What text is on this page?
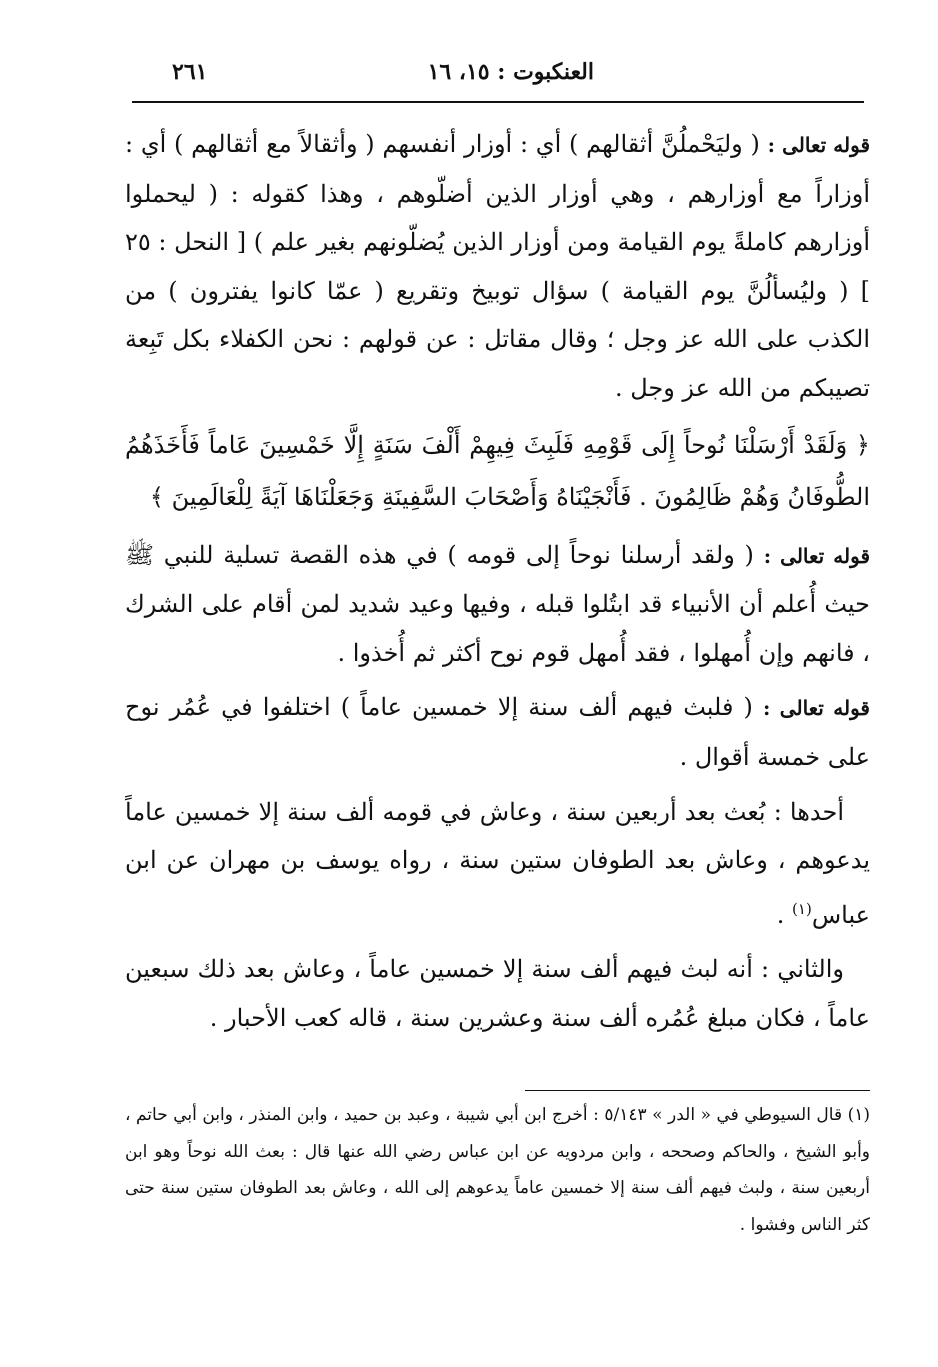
العنكبوت : ١٥، ١٦
٢٦١

قوله تعالى : ( وليَحْملُنَّ أثقالهم ) أي : أوزار أنفسهم ( وأثقالاً مع أثقالهم ) أي : أوزاراً مع أوزارهم ، وهي أوزار الذين أضلّوهم ، وهذا كقوله : ( ليحملوا أوزارهم كاملةً يوم القيامة ومن أوزار الذين يُضلّونهم بغير علم ) [ النحل : ٢٥ ] ( وليُسألُنَّ يوم القيامة ) سؤال توبيخ وتقريع ( عمّا كانوا يفترون ) من الكذب على الله عز وجل ؛ وقال مقاتل : عن قولهم : نحن الكفلاء بكل تَبِعة تصيبكم من الله عز وجل .

﴿ وَلَقَدْ أَرْسَلْنَا نُوحاً إِلَى قَوْمِهِ فَلَبِثَ فِيهِمْ أَلْفَ سَنَةٍ إِلَّا خَمْسِينَ عَاماً فَأَخَذَهُمُ الطُّوفَانُ وَهُمْ ظَالِمُونَ . فَأَنْجَيْنَاهُ وَأَصْحَابَ السَّفِينَةِ وَجَعَلْنَاهَا آيَةً لِلْعَالَمِينَ ﴾

قوله تعالى : ( ولقد أرسلنا نوحاً إلى قومه ) في هذه القصة تسلية للنبي ﷺ حيث أُعلم أن الأنبياء قد ابتُلوا قبله ، وفيها وعيد شديد لمن أقام على الشرك ، فانهم وإن أُمهلوا ، فقد أُمهل قوم نوح أكثر ثم أُخذوا .

قوله تعالى : ( فلبث فيهم ألف سنة إلا خمسين عاماً ) اختلفوا في عُمُر نوح على خمسة أقوال .

أحدها : بُعث بعد أربعين سنة ، وعاش في قومه ألف سنة إلا خمسين عاماً يدعوهم ، وعاش بعد الطوفان ستين سنة ، رواه يوسف بن مهران عن ابن عباس$^{(١)}$ .

والثاني : أنه لبث فيهم ألف سنة إلا خمسين عاماً ، وعاش بعد ذلك سبعين عاماً ، فكان مبلغ عُمُره ألف سنة وعشرين سنة ، قاله كعب الأحبار .

(١) قال السيوطي في « الدر » ٥/١٤٣ : أخرج ابن أبي شيبة ، وعبد بن حميد ، وابن المنذر ، وابن أبي حاتم ، وأبو الشيخ ، والحاكم وصححه ، وابن مردويه عن ابن عباس رضي الله عنها قال : بعث الله نوحاً وهو ابن أربعين سنة ، ولبث فيهم ألف سنة إلا خمسين عاماً يدعوهم إلى الله ، وعاش بعد الطوفان ستين سنة حتى كثر الناس وفشوا .
